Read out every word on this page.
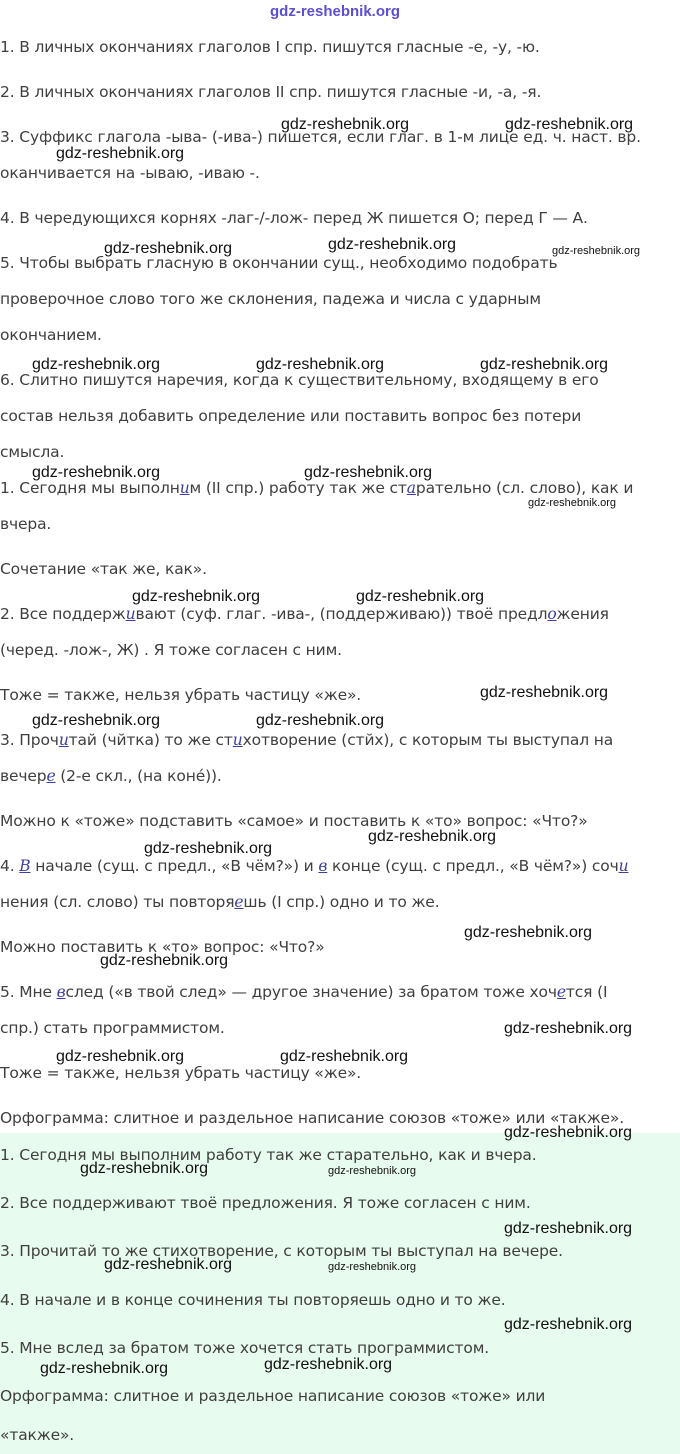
1. В личных окончаниях глаголов I спр. пишутся гласные -е, -у, -ю.

2. В личных окончаниях глаголов II спр. пишутся гласные -и, -а, -я.

3. Суффикс глагола -ыва- (-ива-) пишется, если глаг. в 1-м лице ед. ч. наст. вр.

оканчивается на -ываю, -иваю -.

4. В чередующихся корнях -лаг-/-лож- перед Ж пишется О; перед Г — А.

5. Чтобы выбрать гласную в окончании сущ., необходимо подобрать

проверочное слово того же склонения, падежа и числа с ударным

окончанием.

6. Слитно пишутся наречия, когда к существительному, входящему в его

состав нельзя добавить определение или поставить вопрос без потери

смысла.

1. Сегодня мы выполним (II спр.) работу так же старательно (сл. слово), как и

вчера.

Сочетание «так же, как».

2. Все поддерживают (суф. глаг. -ива-, (поддерживаю)) твоё предложения

(черед. -лож-, Ж) . Я тоже согласен с ним.

Тоже = также, нельзя убрать частицу «же».

3. Прочитай (чйтка) то же стихотворение (стйх), с которым ты выступал на

вечере (2-е скл., (на конé)).

Можно к «тоже» подставить «самое» и поставить к «то» вопрос: «Что?»

4. В начале (сущ. с предл., «В чём?») и в конце (сущ. с предл., «В чём?») сочи

нения (сл. слово) ты повторяешь (I спр.) одно и то же.

Можно поставить к «то» вопрос: «Что?»

5. Мне вслед («в твой след» — другое значение) за братом тоже хочется (I

спр.) стать программистом.

Тоже = также, нельзя убрать частицу «же».

Орфограмма: слитное и раздельное написание союзов «тоже» или «также».

1. Сегодня мы выполним работу так же старательно, как и вчера.

2. Все поддерживают твоё предложения. Я тоже согласен с ним.

3. Прочитай то же стихотворение, с которым ты выступал на вечере.

4. В начале и в конце сочинения ты повторяешь одно и то же.

5. Мне вслед за братом тоже хочется стать программистом.

Орфограмма: слитное и раздельное написание союзов «тоже» или

«также».

gdz-reshebnik.org

gdz-reshebnik.org	gdz-reshebnik.org

gdz-reshebnik.org

gdz-reshebnik.org	gdz-reshebnik.org	gdz-reshebnik.org

gdz-reshebnik.org	gdz-reshebnik.org	gdz-reshebnik.org

gdz-reshebnik.org	gdz-reshebnik.org

gdz-reshebnik.org

gdz-reshebnik.org	gdz-reshebnik.org

gdz-reshebnik.org

gdz-reshebnik.org	gdz-reshebnik.org

gdz-reshebnik.org

gdz-reshebnik.org

gdz-reshebnik.org

gdz-reshebnik.org

gdz-reshebnik.org

gdz-reshebnik.org	gdz-reshebnik.org

gdz-reshebnik.org

gdz-reshebnik.org	gdz-reshebnik.org

gdz-reshebnik.org

gdz-reshebnik.org	gdz-reshebnik.org

gdz-reshebnik.org

gdz-reshebnik.org	gdz-reshebnik.org
